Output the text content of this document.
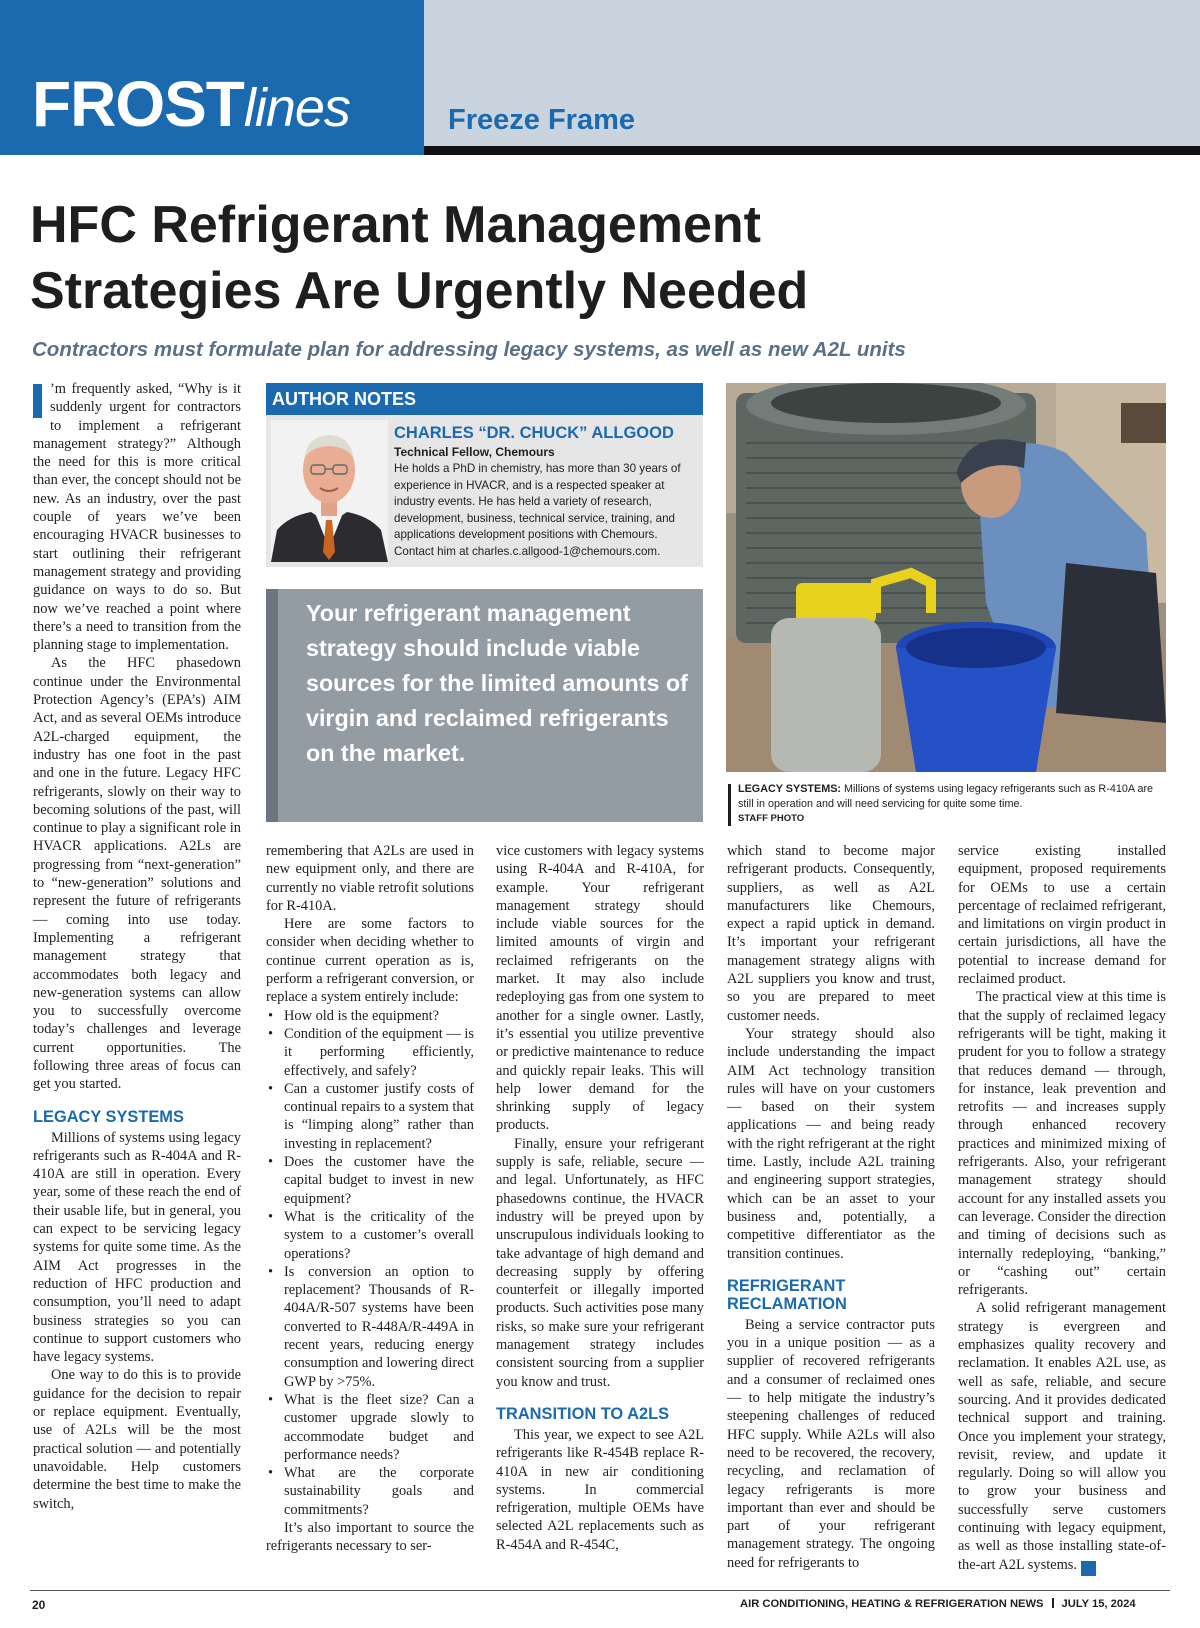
FROSTlines	Freeze Frame
HFC Refrigerant Management
Strategies Are Urgently Needed
Contractors must formulate plan for addressing legacy systems, as well as new A2L units

’m frequently asked, “Why is it suddenly urgent for contractors to implement a refrigerant management strategy?” Although the need for this is more critical than ever, the concept should not be new. As an industry, over the past couple of years we’ve been encouraging HVACR businesses to start outlining their refrigerant management strategy and providing guidance on ways to do so. But now we’ve reached a point where there’s a need to transition from the planning stage to implementation.

As the HFC phasedown continue under the Environmental Protection Agency’s (EPA’s) AIM Act, and as several OEMs introduce A2L-charged equipment, the industry has one foot in the past and one in the future. Legacy HFC refrigerants, slowly on their way to becoming solutions of the past, will continue to play a significant role in HVACR applications. A2Ls are progressing from “next-generation” to “new-generation” solutions and represent the future of refrigerants — coming into use today. Implementing a refrigerant management strategy that accommodates both legacy and new-generation systems can allow you to successfully overcome today’s challenges and leverage current opportunities. The following three areas of focus can get you started.

LEGACY SYSTEMS

Millions of systems using legacy refrigerants such as R-404A and R-410A are still in operation. Every year, some of these reach the end of their usable life, but in general, you can expect to be servicing legacy systems for quite some time. As the AIM Act progresses in the reduction of HFC production and consumption, you’ll need to adapt business strategies so you can continue to support customers who have legacy systems.

One way to do this is to provide guidance for the decision to repair or replace equipment. Eventually, use of A2Ls will be the most practical solution — and potentially unavoidable. Help customers determine the best time to make the switch,

AUTHOR NOTES
CHARLES “DR. CHUCK” ALLGOOD
Technical Fellow, Chemours
He holds a PhD in chemistry, has more than 30 years of experience in HVACR, and is a respected speaker at industry events. He has held a variety of research, development, business, technical service, training, and applications development positions with Chemours. Contact him at charles.c.allgood-1@chemours.com.
Your refrigerant management strategy should include viable sources for the limited amounts of virgin and reclaimed refrigerants on the market.
LEGACY SYSTEMS: Millions of systems using legacy refrigerants such as R-410A are still in operation and will need servicing for quite some time.
STAFF PHOTO

remembering that A2Ls are used in new equipment only, and there are currently no viable retrofit solutions for R-410A.

Here are some factors to consider when deciding whether to continue current operation as is, perform a refrigerant conversion, or replace a system entirely include:

• How old is the equipment?
• Condition of the equipment — is it performing efficiently, effectively, and safely?
• Can a customer justify costs of continual repairs to a system that is “limping along” rather than investing in replacement?
• Does the customer have the capital budget to invest in new equipment?
• What is the criticality of the system to a customer’s overall operations?
• Is conversion an option to replacement? Thousands of R-404A/R-507 systems have been converted to R-448A/R-449A in recent years, reducing energy consumption and lowering direct GWP by >75%.
• What is the fleet size? Can a customer upgrade slowly to accommodate budget and performance needs?
• What are the corporate sustainability goals and commitments?

It’s also important to source the refrigerants necessary to ser-

vice customers with legacy systems using R-404A and R-410A, for example. Your refrigerant management strategy should include viable sources for the limited amounts of virgin and reclaimed refrigerants on the market. It may also include redeploying gas from one system to another for a single owner. Lastly, it’s essential you utilize preventive or predictive maintenance to reduce and quickly repair leaks. This will help lower demand for the shrinking supply of legacy products.

Finally, ensure your refrigerant supply is safe, reliable, secure — and legal. Unfortunately, as HFC phasedowns continue, the HVACR industry will be preyed upon by unscrupulous individuals looking to take advantage of high demand and decreasing supply by offering counterfeit or illegally imported products. Such activities pose many risks, so make sure your refrigerant management strategy includes consistent sourcing from a supplier you know and trust.

TRANSITION TO A2LS

This year, we expect to see A2L refrigerants like R-454B replace R-410A in new air conditioning systems. In commercial refrigeration, multiple OEMs have selected A2L replacements such as R-454A and R-454C,

which stand to become major refrigerant products. Consequently, suppliers, as well as A2L manufacturers like Chemours, expect a rapid uptick in demand. It’s important your refrigerant management strategy aligns with A2L suppliers you know and trust, so you are prepared to meet customer needs.

Your strategy should also include understanding the impact AIM Act technology transition rules will have on your customers — based on their system applications — and being ready with the right refrigerant at the right time. Lastly, include A2L training and engineering support strategies, which can be an asset to your business and, potentially, a competitive differentiator as the transition continues.

REFRIGERANT RECLAMATION

Being a service contractor puts you in a unique position — as a supplier of recovered refrigerants and a consumer of reclaimed ones — to help mitigate the industry’s steepening challenges of reduced HFC supply. While A2Ls will also need to be recovered, the recovery, recycling, and reclamation of legacy refrigerants is more important than ever and should be part of your refrigerant management strategy. The ongoing need for refrigerants to

service existing installed equipment, proposed requirements for OEMs to use a certain percentage of reclaimed refrigerant, and limitations on virgin product in certain jurisdictions, all have the potential to increase demand for reclaimed product.

The practical view at this time is that the supply of reclaimed legacy refrigerants will be tight, making it prudent for you to follow a strategy that reduces demand — through, for instance, leak prevention and retrofits — and increases supply through enhanced recovery practices and minimized mixing of refrigerants. Also, your refrigerant management strategy should account for any installed assets you can leverage. Consider the direction and timing of decisions such as internally redeploying, “banking,” or “cashing out” certain refrigerants.

A solid refrigerant management strategy is evergreen and emphasizes quality recovery and reclamation. It enables A2L use, as well as safe, reliable, and secure sourcing. And it provides dedicated technical support and training. Once you implement your strategy, revisit, review, and update it regularly. Doing so will allow you to grow your business and successfully serve customers continuing with legacy equipment, as well as those installing state-of-the-art A2L systems. N

20	AIR CONDITIONING, HEATING & REFRIGERATION NEWS JULY 15, 2024
